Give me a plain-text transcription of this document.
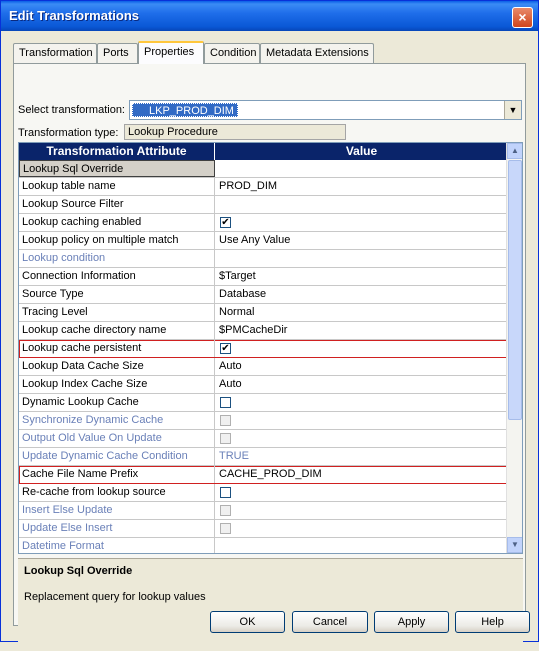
Edit Transformations	×
Transformation Ports	Properties	Condition Metadata Extensions
Select transformation:	LKP_PROD_DIM	▼
Transformation type: Lookup Procedure
Transformation Attribute	Value
Lookup Sql Override
Lookup table name	PROD_DIM
Lookup Source Filter
Lookup caching enabled	✔
Lookup policy on multiple match	Use Any Value
Lookup condition
Connection Information	$Target
Source Type	Database
Tracing Level	Normal
Lookup cache directory name	$PMCacheDir
Lookup cache persistent	✔
Lookup Data Cache Size	Auto
Lookup Index Cache Size	Auto
Dynamic Lookup Cache
Synchronize Dynamic Cache
Output Old Value On Update
Update Dynamic Cache Condition	TRUE
Cache File Name Prefix	CACHE_PROD_DIM
Re-cache from lookup source
Insert Else Update
Update Else Insert
Datetime Format
▲
▼
Lookup Sql Override
Replacement query for lookup values
OK	Cancel	Apply	Help
